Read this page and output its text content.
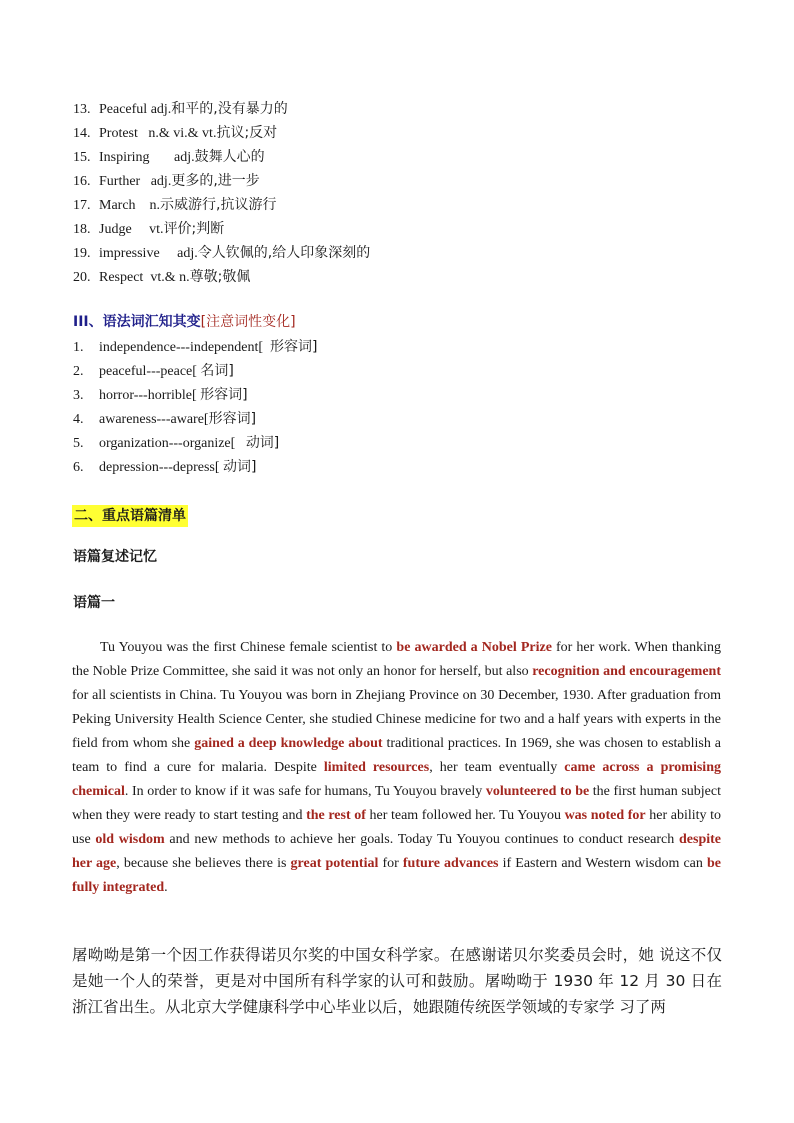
13. Peaceful adj.和平的,没有暴力的
14. Protest   n.& vi.& vt.抗议;反对
15. Inspiring       adj.鼓舞人心的
16. Further   adj.更多的,进一步
17. March    n.示威游行,抗议游行
18. Judge     vt.评价;判断
19. impressive     adj.令人钦佩的,给人印象深刻的
20. Respect  vt.& n.尊敬;敬佩
III、语法词汇知其变[注意词性变化]
1. independence---independent[  形容词]
2. peaceful---peace[ 名词]
3. horror---horrible[ 形容词]
4. awareness---aware[形容词]
5. organization---organize[   动词]
6. depression---depress[ 动词]
二、重点语篇清单
语篇复述记忆
语篇一

Tu Youyou was the first Chinese female scientist to be awarded a Nobel Prize for her work. When thanking the Noble Prize Committee, she said it was not only an honor for herself, but also recognition and encouragement for all scientists in China. Tu Youyou was born in Zhejiang Province on 30 December, 1930. After graduation from Peking University Health Science Center, she studied Chinese medicine for two and a half years with experts in the field from whom she gained a deep knowledge about traditional practices. In 1969, she was chosen to establish a team to find a cure for malaria. Despite limited resources, her team eventually came across a promising chemical. In order to know if it was safe for humans, Tu Youyou bravely volunteered to be the first human subject when they were ready to start testing and the rest of her team followed her. Tu Youyou was noted for her ability to use old wisdom and new methods to achieve her goals. Today Tu Youyou continues to conduct research despite her age, because she believes there is great potential for future advances if Eastern and Western wisdom can be fully integrated.

屠呦呦是第一个因工作获得诺贝尔奖的中国女科学家。在感谢诺贝尔奖委员会时，她 说这不仅是她一个人的荣誉，更是对中国所有科学家的认可和鼓励。屠呦呦于 1930 年 12 月 30 日在浙江省出生。从北京大学健康科学中心毕业以后，她跟随传统医学领域的专家学 习了两
